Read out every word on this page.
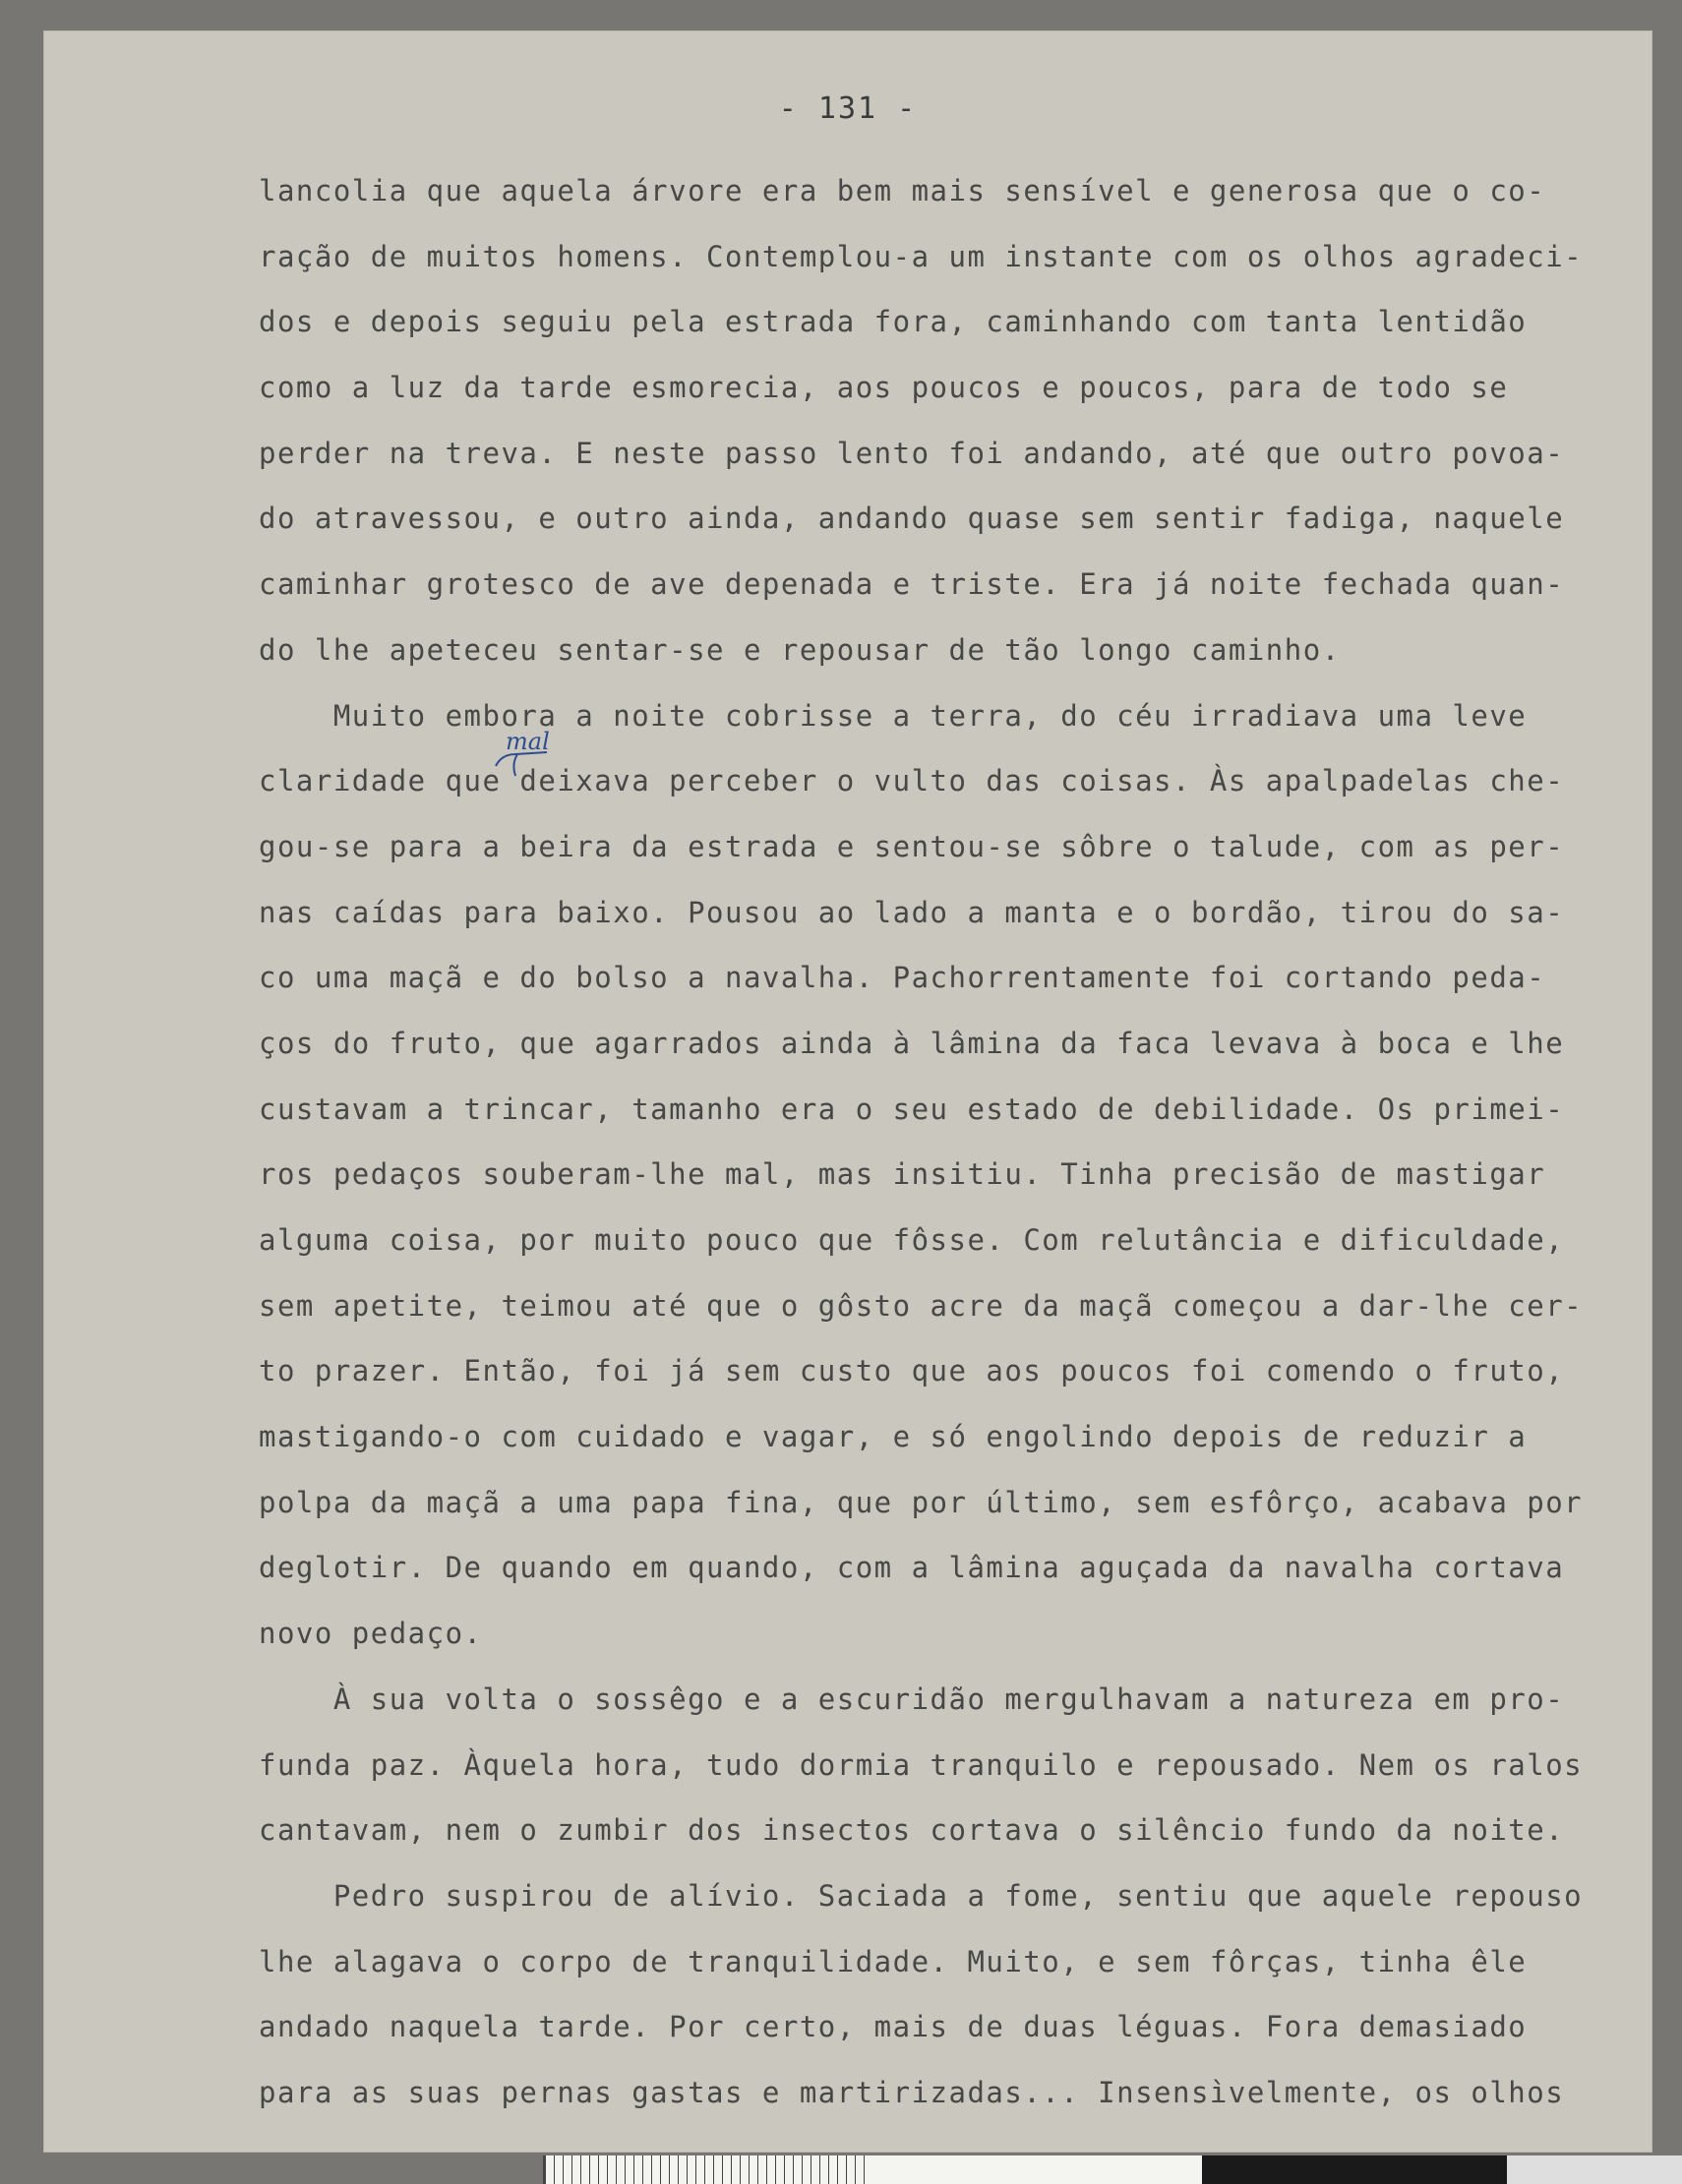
- 131 -
mal
lancolia que aquela árvore era bem mais sensível e generosa que o co-
ração de muitos homens. Contemplou-a um instante com os olhos agradeci-
dos e depois seguiu pela estrada fora, caminhando com tanta lentidão
como a luz da tarde esmorecia, aos poucos e poucos, para de todo se
perder na treva. E neste passo lento foi andando, até que outro povoa-
do atravessou, e outro ainda, andando quase sem sentir fadiga, naquele
caminhar grotesco de ave depenada e triste. Era já noite fechada quan-
do lhe apeteceu sentar-se e repousar de tão longo caminho.
Muito embora a noite cobrisse a terra, do céu irradiava uma leve
claridade que deixava perceber o vulto das coisas. Às apalpadelas che-
gou-se para a beira da estrada e sentou-se sôbre o talude, com as per-
nas caídas para baixo. Pousou ao lado a manta e o bordão, tirou do sa-
co uma maçã e do bolso a navalha. Pachorrentamente foi cortando peda-
ços do fruto, que agarrados ainda à lâmina da faca levava à boca e lhe
custavam a trincar, tamanho era o seu estado de debilidade. Os primei-
ros pedaços souberam-lhe mal, mas insitiu. Tinha precisão de mastigar
alguma coisa, por muito pouco que fôsse. Com relutância e dificuldade,
sem apetite, teimou até que o gôsto acre da maçã começou a dar-lhe cer-
to prazer. Então, foi já sem custo que aos poucos foi comendo o fruto,
mastigando-o com cuidado e vagar, e só engolindo depois de reduzir a
polpa da maçã a uma papa fina, que por último, sem esfôrço, acabava por
deglotir. De quando em quando, com a lâmina aguçada da navalha cortava
novo pedaço.
À sua volta o sossêgo e a escuridão mergulhavam a natureza em pro-
funda paz. Àquela hora, tudo dormia tranquilo e repousado. Nem os ralos
cantavam, nem o zumbir dos insectos cortava o silêncio fundo da noite.
Pedro suspirou de alívio. Saciada a fome, sentiu que aquele repouso
lhe alagava o corpo de tranquilidade. Muito, e sem fôrças, tinha êle
andado naquela tarde. Por certo, mais de duas léguas. Fora demasiado
para as suas pernas gastas e martirizadas... Insensìvelmente, os olhos
